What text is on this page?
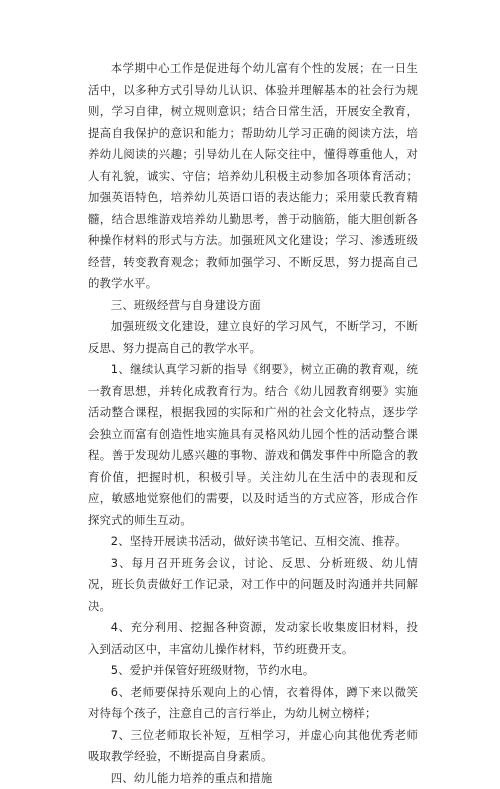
本学期中心工作是促进每个幼儿富有个性的发展；在一日生活中，以多种方式引导幼儿认识、体验并理解基本的社会行为规则，学习自律，树立规则意识；结合日常生活，开展安全教育，提高自我保护的意识和能力；帮助幼儿学习正确的阅读方法，培养幼儿阅读的兴趣；引导幼儿在人际交往中，懂得尊重他人，对人有礼貌，诚实、守信；培养幼儿积极主动参加各项体育活动；加强英语特色，培养幼儿英语口语的表达能力；采用蒙氏教育精髓，结合思维游戏培养幼儿勤思考，善于动脑筋，能大胆创新各种操作材料的形式与方法。加强班风文化建设；学习、渗透班级经营，转变教育观念；教师加强学习、不断反思，努力提高自己的教学水平。

三、班级经营与自身建设方面

加强班级文化建设，建立良好的学习风气，不断学习，不断反思、努力提高自己的教学水平。

1、继续认真学习新的指导《纲要》，树立正确的教育观，统一教育思想，并转化成教育行为。结合《幼儿园教育纲要》实施活动整合课程，根据我园的实际和广州的社会文化特点，逐步学会独立而富有创造性地实施具有灵格风幼儿园个性的活动整合课程。善于发现幼儿感兴趣的事物、游戏和偶发事件中所隐含的教育价值，把握时机，积极引导。关注幼儿在生活中的表现和反应，敏感地觉察他们的需要，以及时适当的方式应答，形成合作探究式的师生互动。

2、坚持开展读书活动，做好读书笔记、互相交流、推荐。

3、每月召开班务会议，讨论、反思、分析班级、幼儿情况，班长负责做好工作记录，对工作中的问题及时沟通并共同解决。

4、充分利用、挖掘各种资源，发动家长收集废旧材料，投入到活动区中，丰富幼儿操作材料，节约班费开支。

5、爱护并保管好班级财物，节约水电。

6、老师要保持乐观向上的心情，衣着得体，蹲下来以微笑对待每个孩子，注意自己的言行举止，为幼儿树立榜样；

7、三位老师取长补短，互相学习，并虚心向其他优秀老师吸取教学经验，不断提高自身素质。

四、幼儿能力培养的重点和措施
